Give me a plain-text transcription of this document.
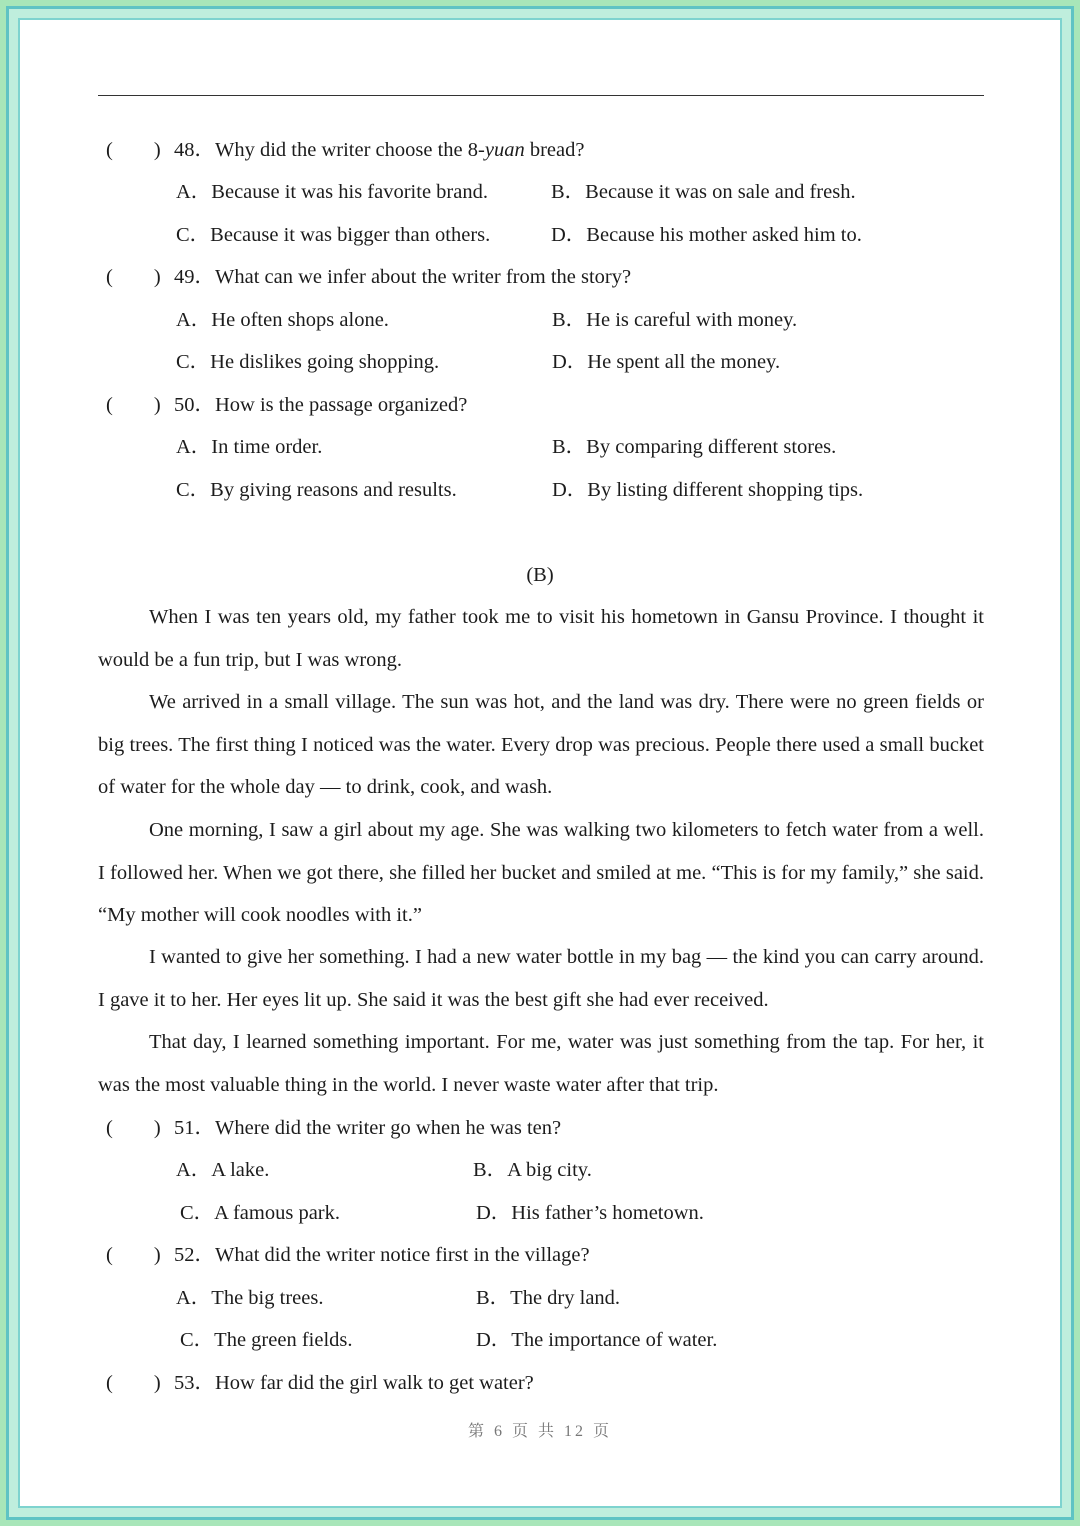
(　　) 48．Why did the writer choose the 8-yuan bread?
A．Because it was his favorite brand.	B．Because it was on sale and fresh.
C．Because it was bigger than others.	D．Because his mother asked him to.
(　　) 49．What can we infer about the writer from the story?
A．He often shops alone.	B．He is careful with money.
C．He dislikes going shopping.	D．He spent all the money.
(　　) 50．How is the passage organized?
A．In time order.	B．By comparing different stores.
C．By giving reasons and results.	D．By listing different shopping tips.
(B)

When I was ten years old, my father took me to visit his hometown in Gansu Province. I thought it would be a fun trip, but I was wrong.

We arrived in a small village. The sun was hot, and the land was dry. There were no green fields or big trees. The first thing I noticed was the water. Every drop was precious. People there used a small bucket of water for the whole day — to drink, cook, and wash.

One morning, I saw a girl about my age. She was walking two kilometers to fetch water from a well. I followed her. When we got there, she filled her bucket and smiled at me. “This is for my family,” she said. “My mother will cook noodles with it.”

I wanted to give her something. I had a new water bottle in my bag — the kind you can carry around. I gave it to her. Her eyes lit up. She said it was the best gift she had ever received.

That day, I learned something important. For me, water was just something from the tap. For her, it was the most valuable thing in the world. I never waste water after that trip.

(　　) 51．Where did the writer go when he was ten?
A．A lake.	B．A big city.
C．A famous park.	D．His father’s hometown.
(　　) 52．What did the writer notice first in the village?
A．The big trees.	B．The dry land.
C．The green fields.	D．The importance of water.
(　　) 53．How far did the girl walk to get water?
第 6 页 共 12 页
